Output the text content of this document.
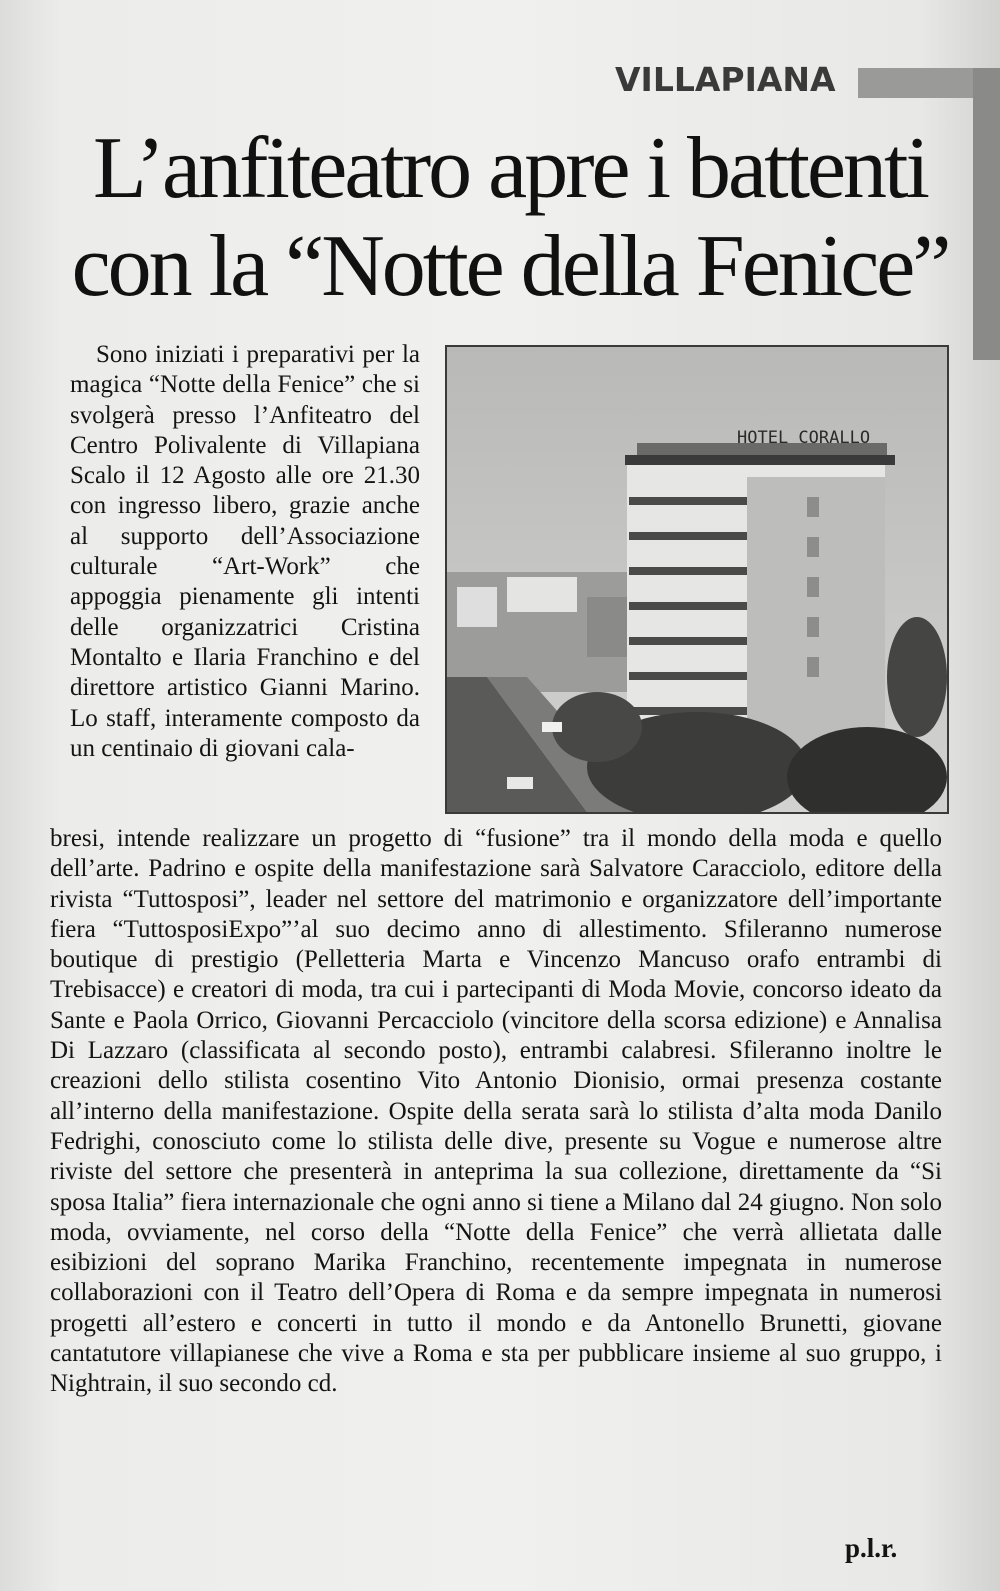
VILLAPIANA
L’anfiteatro apre i battenti con la “Notte della Fenice”
HOTEL CORALLO

Sono iniziati i preparativi per la magica “Notte della Fenice” che si svolgerà presso l’Anfiteatro del Centro Polivalente di Villapiana Scalo il 12 Agosto alle ore 21.30 con ingresso libero, grazie anche al supporto dell’Associazione culturale “Art-Work” che appoggia pienamente gli intenti delle organizzatrici Cristina Montalto e Ilaria Franchino e del direttore artistico Gianni Marino. Lo staff, interamente composto da un centinaio di giovani cala-

bresi, intende realizzare un progetto di “fusione” tra il mondo della moda e quello dell’arte. Padrino e ospite della manifestazione sarà Salvatore Caracciolo, editore della rivista “Tuttosposi”, leader nel settore del matrimonio e organizzatore dell’importante fiera “TuttosposiExpo”’al suo decimo anno di allestimento. Sfileranno numerose boutique di prestigio (Pelletteria Marta e Vincenzo Mancuso orafo entrambi di Trebisacce) e creatori di moda, tra cui i partecipanti di Moda Movie, concorso ideato da Sante e Paola Orrico, Giovanni Percacciolo (vincitore della scorsa edizione) e Annalisa Di Lazzaro (classificata al secondo posto), entrambi calabresi. Sfileranno inoltre le creazioni dello stilista cosentino Vito Antonio Dionisio, ormai presenza costante all’interno della manifestazione. Ospite della serata sarà lo stilista d’alta moda Danilo Fedrighi, conosciuto come lo stilista delle dive, presente su Vogue e numerose altre riviste del settore che presenterà in anteprima la sua collezione, direttamente da “Si sposa Italia” fiera internazionale che ogni anno si tiene a Milano dal 24 giugno. Non solo moda, ovviamente, nel corso della “Notte della Fenice” che verrà allietata dalle esibizioni del soprano Marika Franchino, recentemente impegnata in numerose collaborazioni con il Teatro dell’Opera di Roma e da sempre impegnata in numerosi progetti all’estero e concerti in tutto il mondo e da Antonello Brunetti, giovane cantatutore villapianese che vive a Roma e sta per pubblicare insieme al suo gruppo, i Nightrain, il suo secondo cd.

p.l.r.
